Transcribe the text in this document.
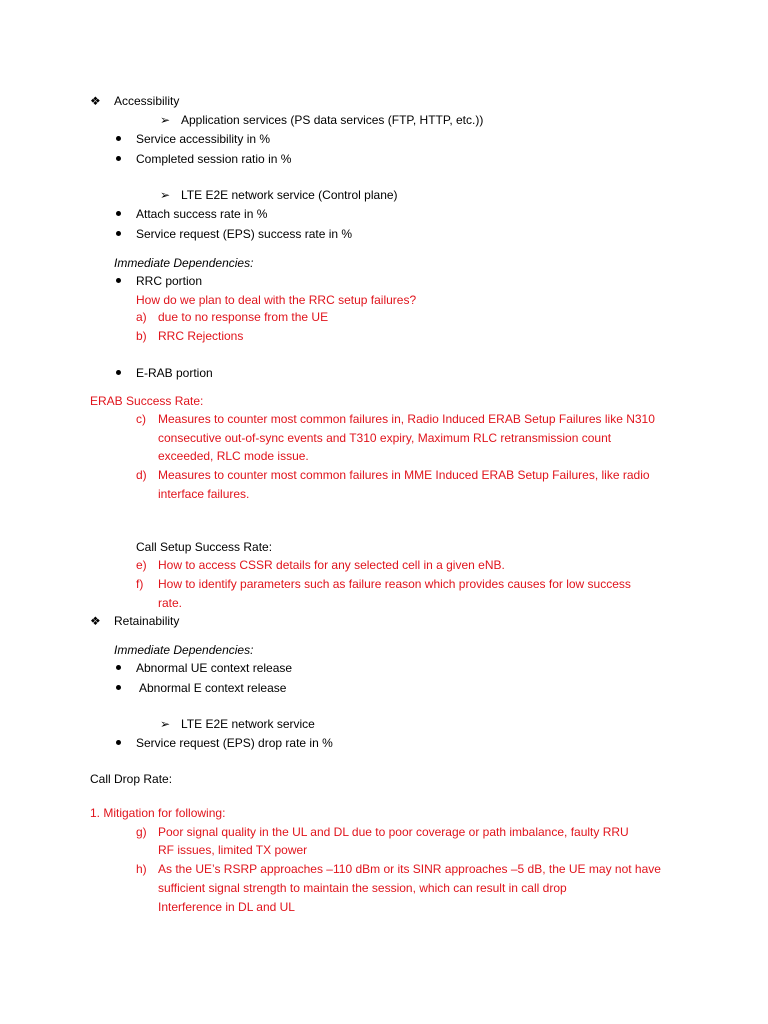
❖ Accessibility
➢ Application services (PS data services (FTP, HTTP, etc.))
Service accessibility in %
Completed session ratio in %
➢ LTE E2E network service (Control plane)
Attach success rate in %
Service request (EPS) success rate in %
Immediate Dependencies:
RRC portion
How do we plan to deal with the RRC setup failures?
a) due to no response from the UE
b) RRC Rejections
E-RAB portion
ERAB Success Rate:
c) Measures to counter most common failures in, Radio Induced ERAB Setup Failures like N310
consecutive out-of-sync events and T310 expiry, Maximum RLC retransmission count
exceeded, RLC mode issue.
d) Measures to counter most common failures in MME Induced ERAB Setup Failures, like radio
interface failures.
Call Setup Success Rate:
e) How to access CSSR details for any selected cell in a given eNB.
f) How to identify parameters such as failure reason which provides causes for low success
rate.
❖ Retainability
Immediate Dependencies:
Abnormal UE context release
Abnormal E context release
➢ LTE E2E network service
Service request (EPS) drop rate in %
Call Drop Rate:
1. Mitigation for following:
g) Poor signal quality in the UL and DL due to poor coverage or path imbalance, faulty RRU
RF issues, limited TX power
h) As the UE’s RSRP approaches –110 dBm or its SINR approaches –5 dB, the UE may not have
sufficient signal strength to maintain the session, which can result in call drop
Interference in DL and UL
